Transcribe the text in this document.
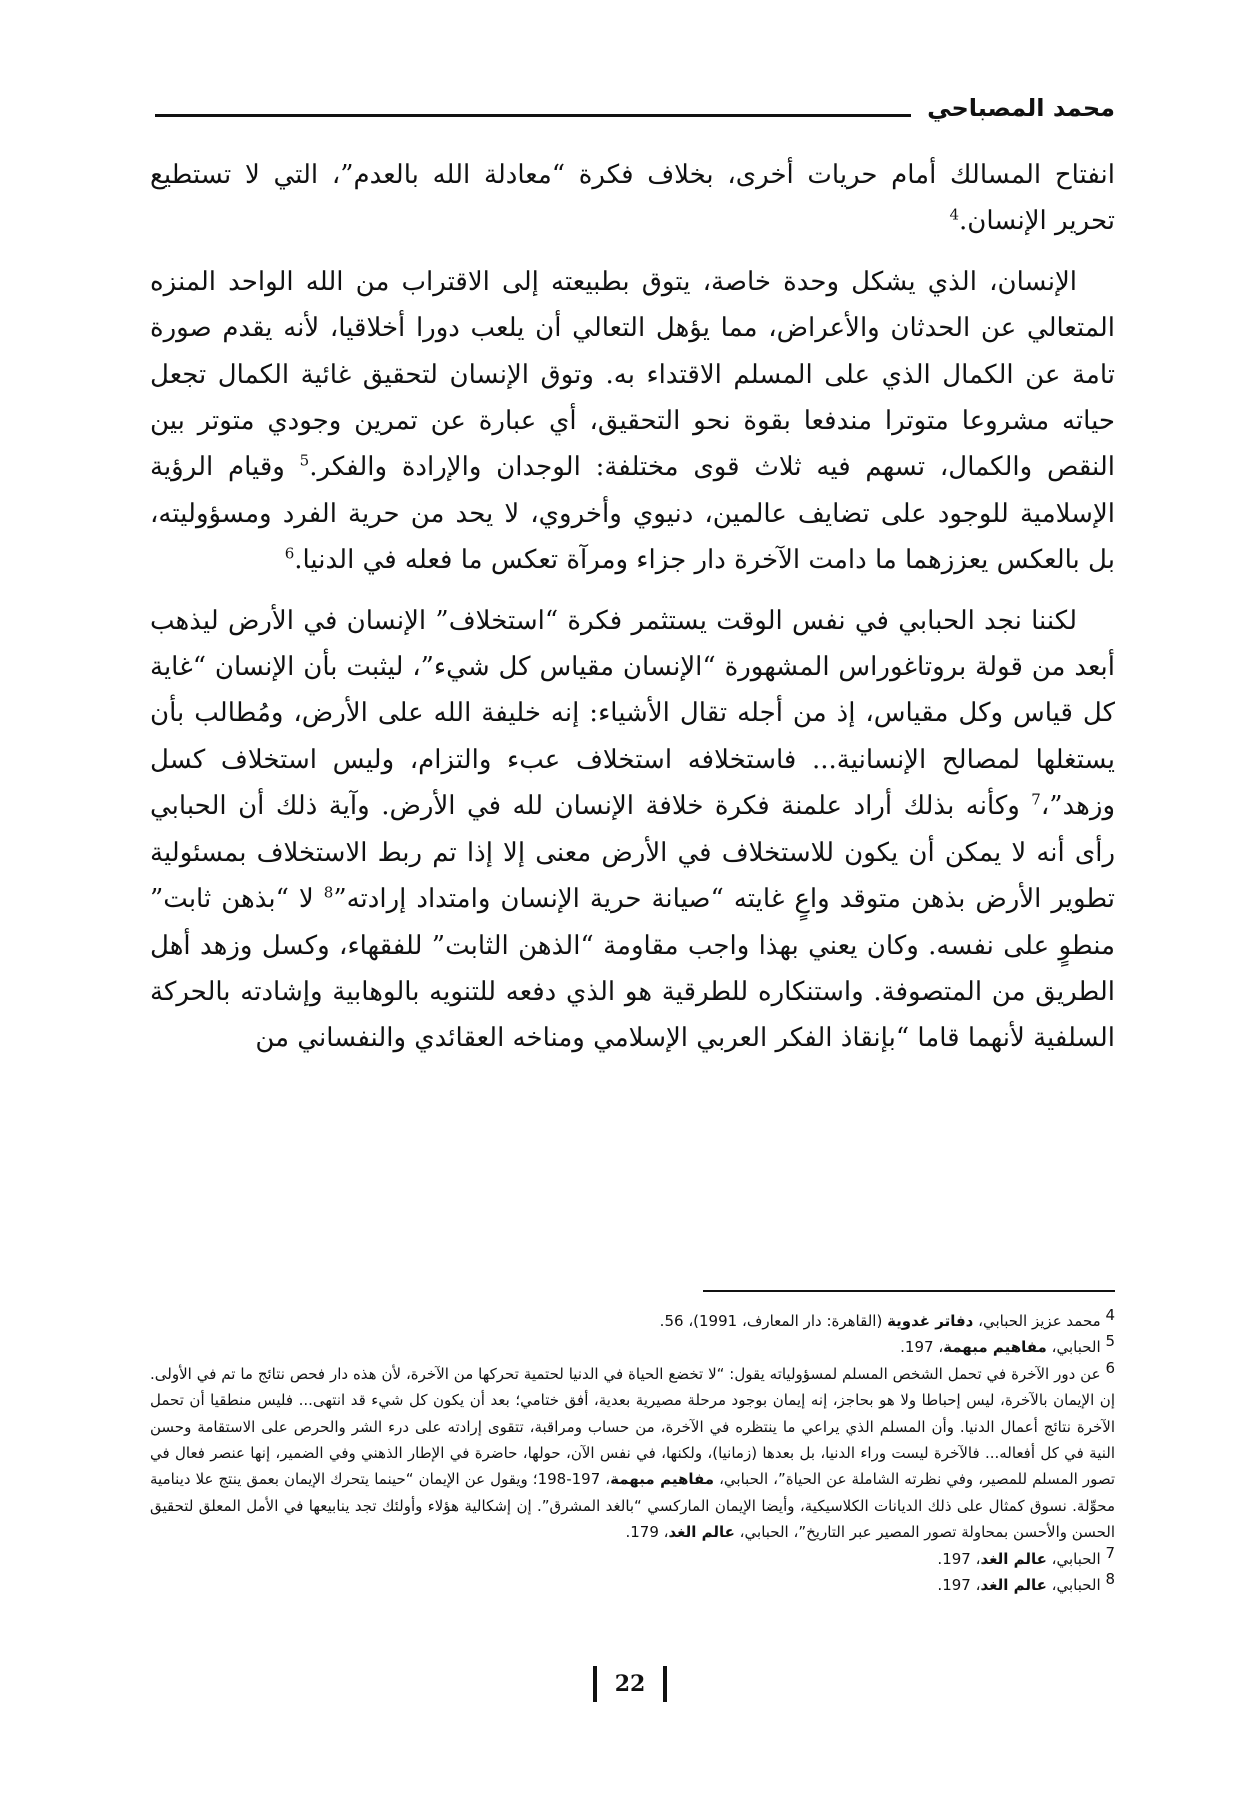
محمد المصباحي

انفتاح المسالك أمام حريات أخرى، بخلاف فكرة “معادلة الله بالعدم”، التي لا تستطيع تحرير الإنسان.$^4$

الإنسان، الذي يشكل وحدة خاصة، يتوق بطبيعته إلى الاقتراب من الله الواحد المنزه المتعالي عن الحدثان والأعراض، مما يؤهل التعالي أن يلعب دورا أخلاقيا، لأنه يقدم صورة تامة عن الكمال الذي على المسلم الاقتداء به. وتوق الإنسان لتحقيق غائية الكمال تجعل حياته مشروعا متوترا مندفعا بقوة نحو التحقيق، أي عبارة عن تمرين وجودي متوتر بين النقص والكمال، تسهم فيه ثلاث قوى مختلفة: الوجدان والإرادة والفكر.$^5$ وقيام الرؤية الإسلامية للوجود على تضايف عالمين، دنيوي وأخروي، لا يحد من حرية الفرد ومسؤوليته، بل بالعكس يعززهما ما دامت الآخرة دار جزاء ومرآة تعكس ما فعله في الدنيا.$^6$

لكننا نجد الحبابي في نفس الوقت يستثمر فكرة “استخلاف” الإنسان في الأرض ليذهب أبعد من قولة بروتاغوراس المشهورة “الإنسان مقياس كل شيء”، ليثبت بأن الإنسان “غاية كل قياس وكل مقياس، إذ من أجله تقال الأشياء: إنه خليفة الله على الأرض، ومُطالب بأن يستغلها لمصالح الإنسانية... فاستخلافه استخلاف عبء والتزام، وليس استخلاف كسل وزهد”،$^7$ وكأنه بذلك أراد علمنة فكرة خلافة الإنسان لله في الأرض. وآية ذلك أن الحبابي رأى أنه لا يمكن أن يكون للاستخلاف في الأرض معنى إلا إذا تم ربط الاستخلاف بمسئولية تطوير الأرض بذهن متوقد واعٍ غايته “صيانة حرية الإنسان وامتداد إرادته”$^8$ لا “بذهن ثابت” منطوٍ على نفسه. وكان يعني بهذا واجب مقاومة “الذهن الثابت” للفقهاء، وكسل وزهد أهل الطريق من المتصوفة. واستنكاره للطرقية هو الذي دفعه للتنويه بالوهابية وإشادته بالحركة السلفية لأنهما قاما “بإنقاذ الفكر العربي الإسلامي ومناخه العقائدي والنفساني من

$^4$ محمد عزيز الحبابي، دفاتر غدوية (القاهرة: دار المعارف، 1991)، 56.

$^5$ الحبابي، مفاهيم مبهمة، 197.

$^6$ عن دور الآخرة في تحمل الشخص المسلم لمسؤولياته يقول: “لا تخضع الحياة في الدنيا لحتمية تحركها من الآخرة، لأن هذه دار فحص نتائج ما تم في الأولى. إن الإيمان بالآخرة، ليس إحباطا ولا هو بحاجز، إنه إيمان بوجود مرحلة مصيرية بعدية، أفق ختامي؛ بعد أن يكون كل شيء قد انتهى... فليس منطقيا أن تحمل الآخرة نتائج أعمال الدنيا. وأن المسلم الذي يراعي ما ينتظره في الآخرة، من حساب ومراقبة، تتقوى إرادته على درء الشر والحرص على الاستقامة وحسن النية في كل أفعاله... فالآخرة ليست وراء الدنيا، بل بعدها (زمانيا)، ولكنها، في نفس الآن، حولها، حاضرة في الإطار الذهني وفي الضمير، إنها عنصر فعال في تصور المسلم للمصير، وفي نظرته الشاملة عن الحياة”، الحبابي، مفاهيم مبهمة، 197-198؛ ويقول عن الإيمان “حينما يتحرك الإيمان بعمق ينتج علا دينامية محوِّلة. نسوق كمثال على ذلك الديانات الكلاسيكية، وأيضا الإيمان الماركسي “بالغد المشرق”. إن إشكالية هؤلاء وأولئك تجد ينابيعها في الأمل المعلق لتحقيق الحسن والأحسن بمحاولة تصور المصير عبر التاريخ”، الحبابي، عالم الغد، 179.

$^7$ الحبابي، عالم الغد، 197.

$^8$ الحبابي، عالم الغد، 197.

22
